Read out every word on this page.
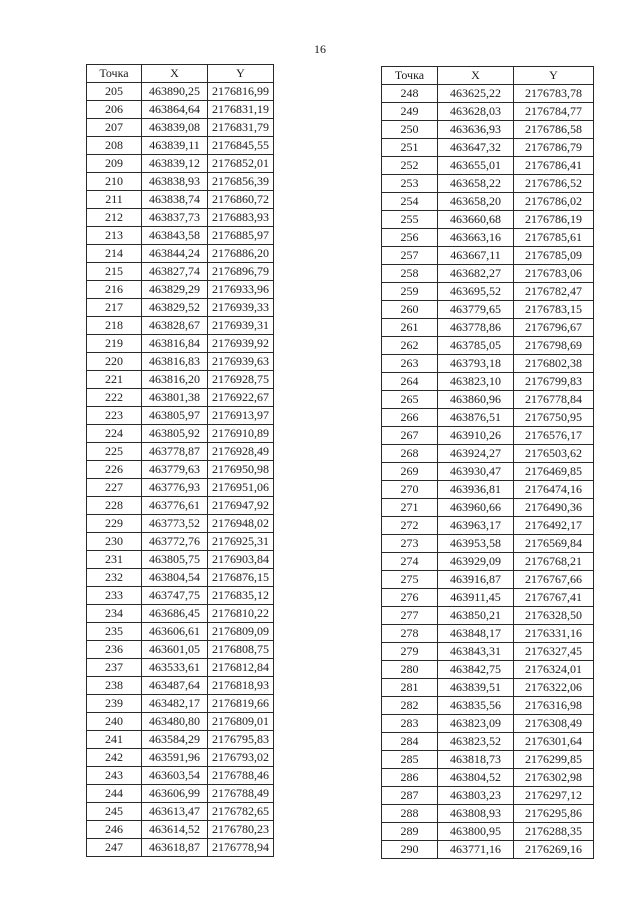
16
Точка	X	Y
205	463890,25	2176816,99
206	463864,64	2176831,19
207	463839,08	2176831,79
208	463839,11	2176845,55
209	463839,12	2176852,01
210	463838,93	2176856,39
211	463838,74	2176860,72
212	463837,73	2176883,93
213	463843,58	2176885,97
214	463844,24	2176886,20
215	463827,74	2176896,79
216	463829,29	2176933,96
217	463829,52	2176939,33
218	463828,67	2176939,31
219	463816,84	2176939,92
220	463816,83	2176939,63
221	463816,20	2176928,75
222	463801,38	2176922,67
223	463805,97	2176913,97
224	463805,92	2176910,89
225	463778,87	2176928,49
226	463779,63	2176950,98
227	463776,93	2176951,06
228	463776,61	2176947,92
229	463773,52	2176948,02
230	463772,76	2176925,31
231	463805,75	2176903,84
232	463804,54	2176876,15
233	463747,75	2176835,12
234	463686,45	2176810,22
235	463606,61	2176809,09
236	463601,05	2176808,75
237	463533,61	2176812,84
238	463487,64	2176818,93
239	463482,17	2176819,66
240	463480,80	2176809,01
241	463584,29	2176795,83
242	463591,96	2176793,02
243	463603,54	2176788,46
244	463606,99	2176788,49
245	463613,47	2176782,65
246	463614,52	2176780,23
247	463618,87	2176778,94
Точка	X	Y
248	463625,22	2176783,78
249	463628,03	2176784,77
250	463636,93	2176786,58
251	463647,32	2176786,79
252	463655,01	2176786,41
253	463658,22	2176786,52
254	463658,20	2176786,02
255	463660,68	2176786,19
256	463663,16	2176785,61
257	463667,11	2176785,09
258	463682,27	2176783,06
259	463695,52	2176782,47
260	463779,65	2176783,15
261	463778,86	2176796,67
262	463785,05	2176798,69
263	463793,18	2176802,38
264	463823,10	2176799,83
265	463860,96	2176778,84
266	463876,51	2176750,95
267	463910,26	2176576,17
268	463924,27	2176503,62
269	463930,47	2176469,85
270	463936,81	2176474,16
271	463960,66	2176490,36
272	463963,17	2176492,17
273	463953,58	2176569,84
274	463929,09	2176768,21
275	463916,87	2176767,66
276	463911,45	2176767,41
277	463850,21	2176328,50
278	463848,17	2176331,16
279	463843,31	2176327,45
280	463842,75	2176324,01
281	463839,51	2176322,06
282	463835,56	2176316,98
283	463823,09	2176308,49
284	463823,52	2176301,64
285	463818,73	2176299,85
286	463804,52	2176302,98
287	463803,23	2176297,12
288	463808,93	2176295,86
289	463800,95	2176288,35
290	463771,16	2176269,16
